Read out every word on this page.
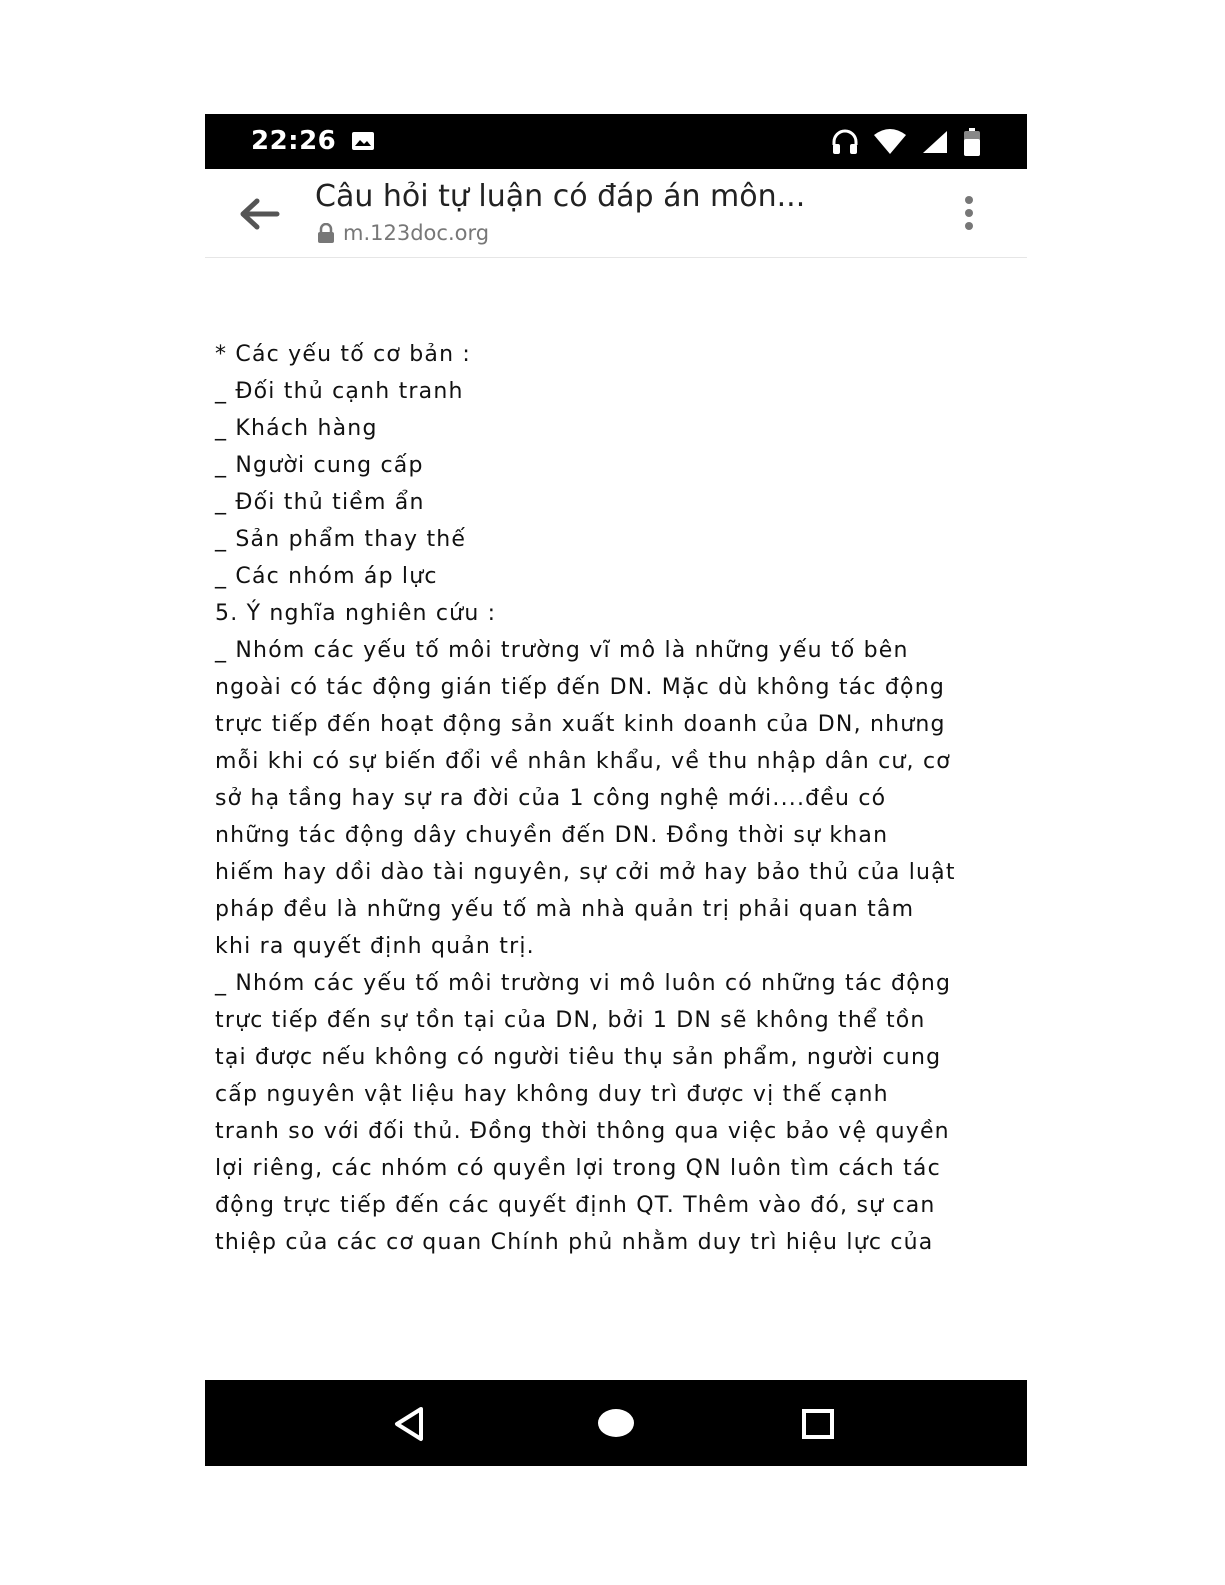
22:26
Câu hỏi tự luận có đáp án môn...
m.123doc.org
* Các yếu tố cơ bản :
_ Đối thủ cạnh tranh
_ Khách hàng
_ Người cung cấp
_ Đối thủ tiềm ẩn
_ Sản phẩm thay thế
_ Các nhóm áp lực
5. Ý nghĩa nghiên cứu :
_ Nhóm các yếu tố môi trường vĩ mô là những yếu tố bên
ngoài có tác động gián tiếp đến DN. Mặc dù không tác động
trực tiếp đến hoạt động sản xuất kinh doanh của DN, nhưng
mỗi khi có sự biến đổi về nhân khẩu, về thu nhập dân cư, cơ
sở hạ tầng hay sự ra đời của 1 công nghệ mới....đều có
những tác động dây chuyền đến DN. Đồng thời sự khan
hiếm hay dồi dào tài nguyên, sự cởi mở hay bảo thủ của luật
pháp đều là những yếu tố mà nhà quản trị phải quan tâm
khi ra quyết định quản trị.
_ Nhóm các yếu tố môi trường vi mô luôn có những tác động
trực tiếp đến sự tồn tại của DN, bởi 1 DN sẽ không thể tồn
tại được nếu không có người tiêu thụ sản phẩm, người cung
cấp nguyên vật liệu hay không duy trì được vị thế cạnh
tranh so với đối thủ. Đồng thời thông qua việc bảo vệ quyền
lợi riêng, các nhóm có quyền lợi trong QN luôn tìm cách tác
động trực tiếp đến các quyết định QT. Thêm vào đó, sự can
thiệp của các cơ quan Chính phủ nhằm duy trì hiệu lực của
